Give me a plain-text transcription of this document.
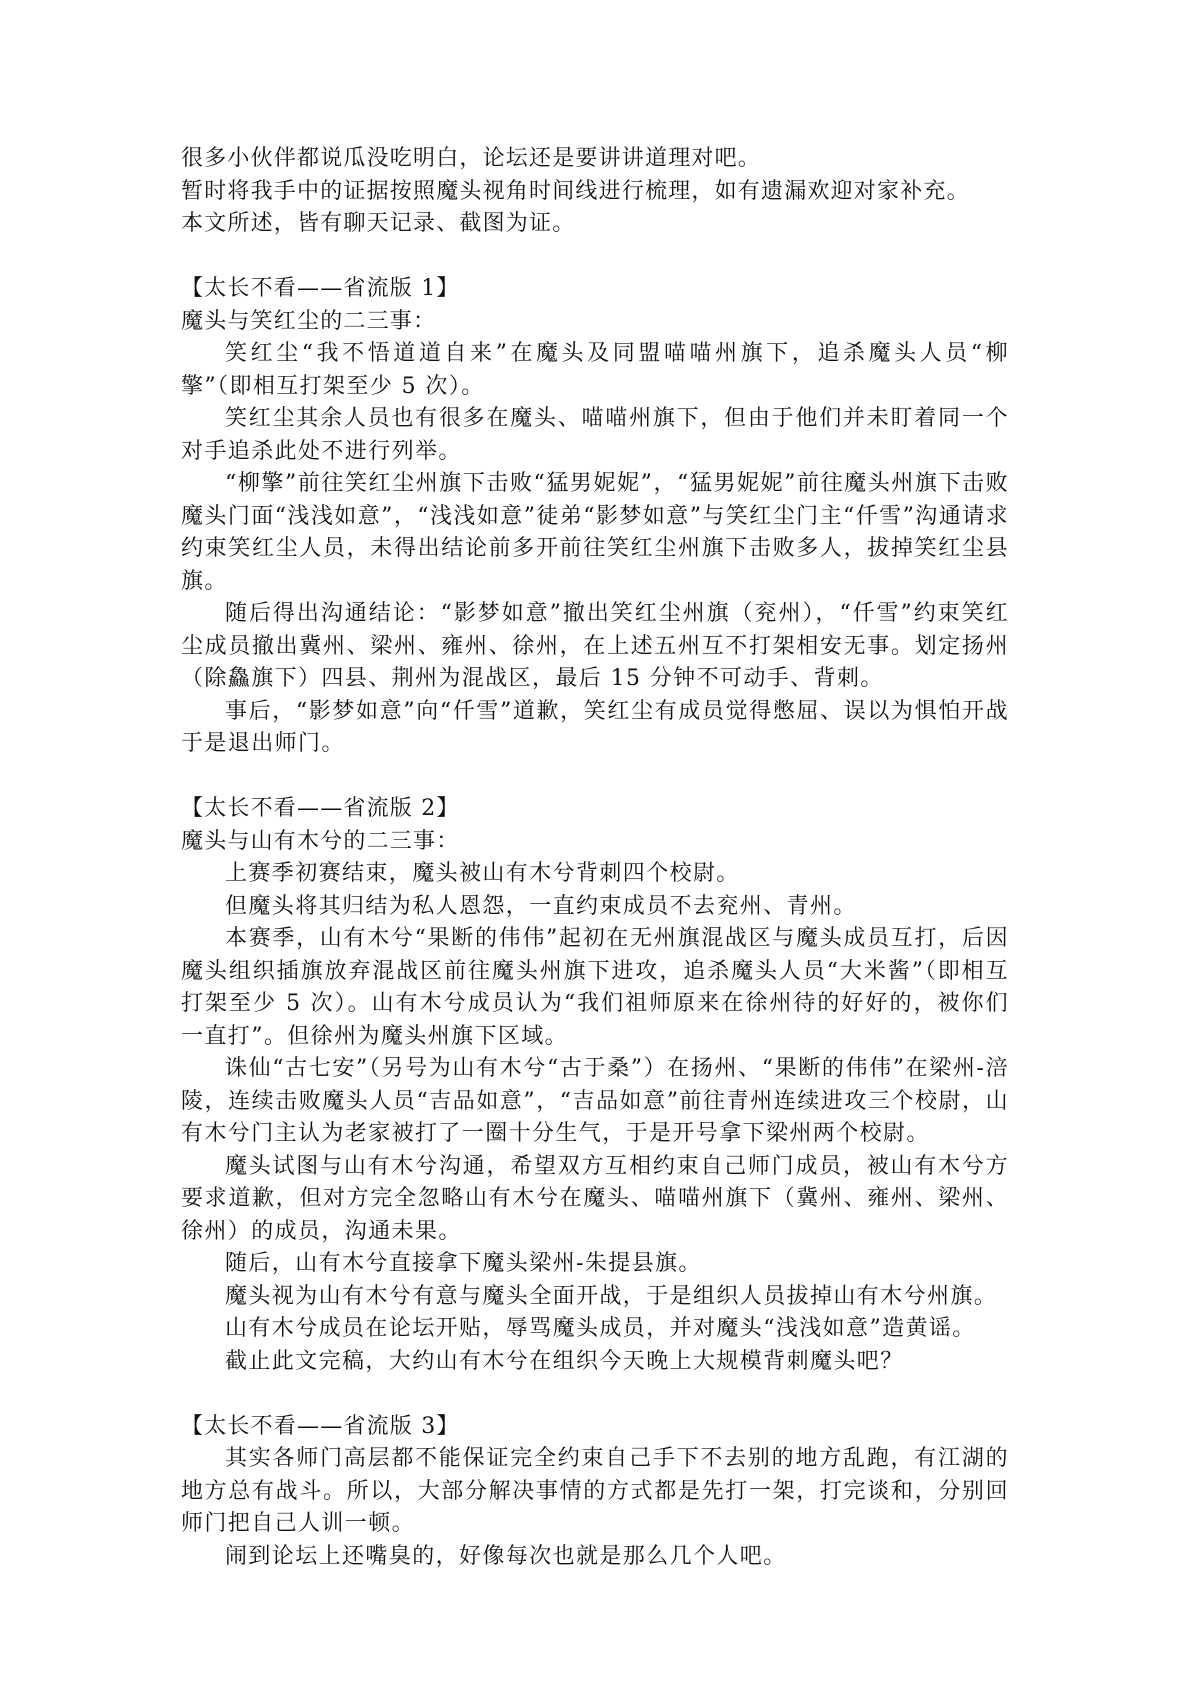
很多小伙伴都说瓜没吃明白，论坛还是要讲讲道理对吧。

暂时将我手中的证据按照魔头视角时间线进行梳理，如有遗漏欢迎对家补充。

本文所述，皆有聊天记录、截图为证。

【太长不看——省流版 1】

魔头与笑红尘的二三事：

笑红尘“我不悟道道自来”在魔头及同盟喵喵州旗下，追杀魔头人员“柳擎”（即相互打架至少 5 次）。

笑红尘其余人员也有很多在魔头、喵喵州旗下，但由于他们并未盯着同一个对手追杀此处不进行列举。

“柳擎”前往笑红尘州旗下击败“猛男妮妮”，“猛男妮妮”前往魔头州旗下击败魔头门面“浅浅如意”，“浅浅如意”徒弟“影梦如意”与笑红尘门主“仟雪”沟通请求约束笑红尘人员，未得出结论前多开前往笑红尘州旗下击败多人，拔掉笑红尘县旗。

随后得出沟通结论：“影梦如意”撤出笑红尘州旗（兖州），“仟雪”约束笑红尘成员撤出冀州、梁州、雍州、徐州，在上述五州互不打架相安无事。划定扬州（除鱻旗下）四县、荆州为混战区，最后 15 分钟不可动手、背刺。

事后，“影梦如意”向“仟雪”道歉，笑红尘有成员觉得憋屈、误以为惧怕开战于是退出师门。

【太长不看——省流版 2】

魔头与山有木兮的二三事：

上赛季初赛结束，魔头被山有木兮背刺四个校尉。

但魔头将其归结为私人恩怨，一直约束成员不去兖州、青州。

本赛季，山有木兮“果断的伟伟”起初在无州旗混战区与魔头成员互打，后因魔头组织插旗放弃混战区前往魔头州旗下进攻，追杀魔头人员“大米酱”（即相互打架至少 5 次）。山有木兮成员认为“我们祖师原来在徐州待的好好的，被你们一直打”。但徐州为魔头州旗下区域。

诛仙“古七安”（另号为山有木兮“古于桑”）在扬州、“果断的伟伟”在梁州-涪陵，连续击败魔头人员“吉品如意”，“吉品如意”前往青州连续进攻三个校尉，山有木兮门主认为老家被打了一圈十分生气，于是开号拿下梁州两个校尉。

魔头试图与山有木兮沟通，希望双方互相约束自己师门成员，被山有木兮方要求道歉，但对方完全忽略山有木兮在魔头、喵喵州旗下（冀州、雍州、梁州、徐州）的成员，沟通未果。

随后，山有木兮直接拿下魔头梁州-朱提县旗。

魔头视为山有木兮有意与魔头全面开战，于是组织人员拔掉山有木兮州旗。

山有木兮成员在论坛开贴，辱骂魔头成员，并对魔头“浅浅如意”造黄谣。

截止此文完稿，大约山有木兮在组织今天晚上大规模背刺魔头吧？

【太长不看——省流版 3】

其实各师门高层都不能保证完全约束自己手下不去别的地方乱跑，有江湖的地方总有战斗。所以，大部分解决事情的方式都是先打一架，打完谈和，分别回师门把自己人训一顿。

闹到论坛上还嘴臭的，好像每次也就是那么几个人吧。
